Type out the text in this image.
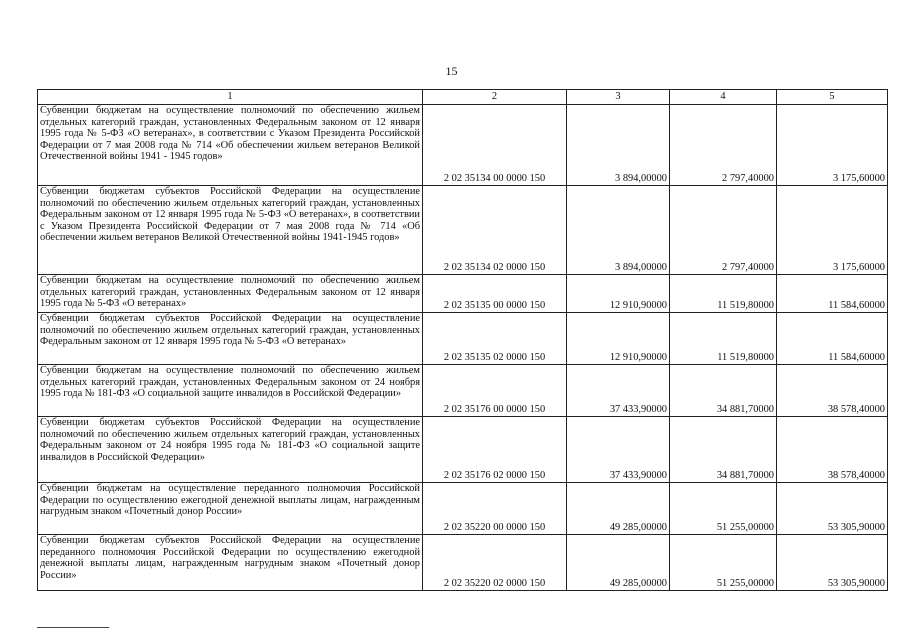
15
1	2	3	4	5
Субвенции бюджетам на осуществление полномочий по обеспечению жильем отдельных категорий граждан, установленных Федеральным законом от 12 января 1995 года № 5-ФЗ «О ветеранах», в соответствии с Указом Президента Российской Федерации от 7 мая 2008 года № 714 «Об обеспечении жильем ветеранов Великой Отечественной войны 1941 - 1945 годов»	2 02 35134 00 0000 150	3 894,00000	2 797,40000	3 175,60000
Субвенции бюджетам субъектов Российской Федерации на осуществление полномочий по обеспечению жильем отдельных категорий граждан, установленных Федеральным законом от 12 января 1995 года № 5-ФЗ «О ветеранах», в соответствии с Указом Президента Российской Федерации от 7 мая 2008 года № 714 «Об обеспечении жильем ветеранов Великой Отечественной войны 1941-1945 годов»	2 02 35134 02 0000 150	3 894,00000	2 797,40000	3 175,60000
Субвенции бюджетам на осуществление полномочий по обеспечению жильем отдельных категорий граждан, установленных Федеральным законом от 12 января 1995 года № 5-ФЗ «О ветеранах»	2 02 35135 00 0000 150	12 910,90000	11 519,80000	11 584,60000
Субвенции бюджетам субъектов Российской Федерации на осуществление полномочий по обеспечению жильем отдельных категорий граждан, установленных Федеральным законом от 12 января 1995 года № 5-ФЗ «О ветеранах»	2 02 35135 02 0000 150	12 910,90000	11 519,80000	11 584,60000
Субвенции бюджетам на осуществление полномочий по обеспечению жильем отдельных категорий граждан, установленных Федеральным законом от 24 ноября 1995 года № 181-ФЗ «О социальной защите инвалидов в Российской Федерации»	2 02 35176 00 0000 150	37 433,90000	34 881,70000	38 578,40000
Субвенции бюджетам субъектов Российской Федерации на осуществление полномочий по обеспечению жильем отдельных категорий граждан, установленных Федеральным законом от 24 ноября 1995 года № 181-ФЗ «О социальной защите инвалидов в Российской Федерации»	2 02 35176 02 0000 150	37 433,90000	34 881,70000	38 578,40000
Субвенции бюджетам на осуществление переданного полномочия Российской Федерации по осуществлению ежегодной денежной выплаты лицам, награжденным нагрудным знаком «Почетный донор России»	2 02 35220 00 0000 150	49 285,00000	51 255,00000	53 305,90000
Субвенции бюджетам субъектов Российской Федерации на осуществление переданного полномочия Российской Федерации по осуществлению ежегодной денежной выплаты лицам, награжденным нагрудным знаком «Почетный донор России»	2 02 35220 02 0000 150	49 285,00000	51 255,00000	53 305,90000
